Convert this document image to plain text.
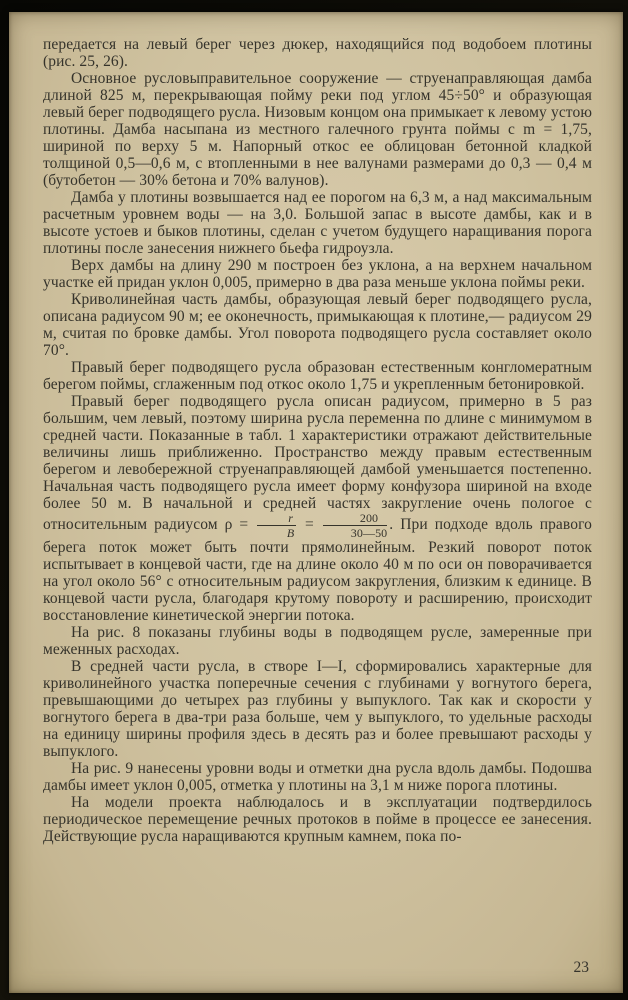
передается на левый берег через дюкер, находящийся под водобоем плотины (рис. 25, 26).

Основное русловыправительное сооружение — струенаправляющая дамба длиной 825 м, перекрывающая пойму реки под углом 45÷50° и образующая левый берег подводящего русла. Низовым концом она примыкает к левому устою плотины. Дамба насыпана из местного галечного грунта поймы с m = 1,75, шириной по верху 5 м. Напорный откос ее облицован бетонной кладкой толщиной 0,5—0,6 м, с втопленными в нее валунами размерами до 0,3 — 0,4 м (бутобетон — 30% бетона и 70% валунов).

Дамба у плотины возвышается над ее порогом на 6,3 м, а над максимальным расчетным уровнем воды — на 3,0. Большой запас в высоте дамбы, как и в высоте устоев и быков плотины, сделан с учетом будущего наращивания порога плотины после занесения нижнего бьефа гидроузла.

Верх дамбы на длину 290 м построен без уклона, а на верхнем начальном участке ей придан уклон 0,005, примерно в два раза меньше уклона поймы реки.

Криволинейная часть дамбы, образующая левый берег подводящего русла, описана радиусом 90 м; ее оконечность, примыкающая к плотине,— радиусом 29 м, считая по бровке дамбы. Угол поворота подводящего русла составляет около 70°.

Правый берег подводящего русла образован естественным конгломератным берегом поймы, сглаженным под откос около 1,75 и укрепленным бетонировкой.

Правый берег подводящего русла описан радиусом, примерно в 5 раз большим, чем левый, поэтому ширина русла переменна по длине с минимумом в средней части. Показанные в табл. 1 характеристики отражают действительные величины лишь приближенно. Пространство между правым естественным берегом и левобережной струенаправляющей дамбой уменьшается постепенно. Начальная часть подводящего русла имеет форму конфузора шириной на входе более 50 м. В начальной и средней частях закругление очень пологое с относительным радиусом $\rho = \frac{r}{B} = \frac{200}{30—50}$ . При подходе вдоль правого берега поток может быть почти прямолинейным. Резкий поворот поток испытывает в концевой части, где на длине около 40 м по оси он поворачивается на угол около 56° с относительным радиусом закругления, близким к единице. В концевой части русла, благодаря крутому повороту и расширению, происходит восстановление кинетической энергии потока.

На рис. 8 показаны глубины воды в подводящем русле, замеренные при меженных расходах.

В средней части русла, в створе I—I, сформировались характерные для криволинейного участка поперечные сечения с глубинами у вогнутого берега, превышающими до четырех раз глубины у выпуклого. Так как и скорости у вогнутого берега в два-три раза больше, чем у выпуклого, то удельные расходы на единицу ширины профиля здесь в десять раз и более превышают расходы у выпуклого.

На рис. 9 нанесены уровни воды и отметки дна русла вдоль дамбы. Подошва дамбы имеет уклон 0,005, отметка у плотины на 3,1 м ниже порога плотины.

На модели проекта наблюдалось и в эксплуатации подтвердилось периодическое перемещение речных протоков в пойме в процессе ее занесения. Действующие русла наращиваются крупным камнем, пока по-

23
